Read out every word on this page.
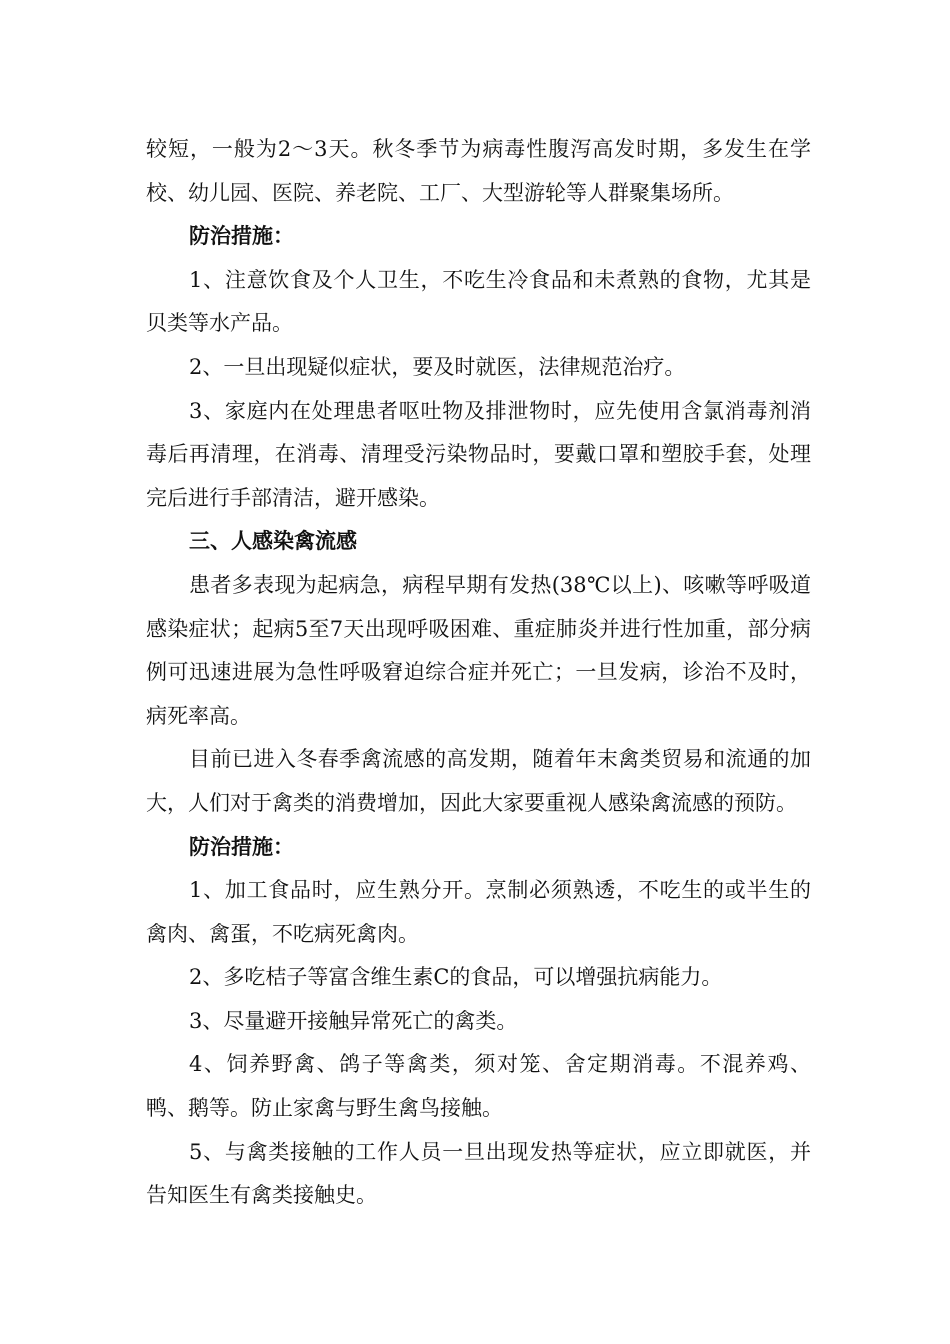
较短，一般为2～3天。秋冬季节为病毒性腹泻高发时期，多发生在学校、幼儿园、医院、养老院、工厂、大型游轮等人群聚集场所。

防治措施：

1、注意饮食及个人卫生，不吃生冷食品和未煮熟的食物，尤其是贝类等水产品。

2、一旦出现疑似症状，要及时就医，法律规范治疗。

3、家庭内在处理患者呕吐物及排泄物时，应先使用含氯消毒剂消毒后再清理，在消毒、清理受污染物品时，要戴口罩和塑胶手套，处理完后进行手部清洁，避开感染。

三、人感染禽流感

患者多表现为起病急，病程早期有发热(38℃以上)、咳嗽等呼吸道感染症状；起病5至7天出现呼吸困难、重症肺炎并进行性加重，部分病例可迅速进展为急性呼吸窘迫综合症并死亡；一旦发病，诊治不及时，病死率高。

目前已进入冬春季禽流感的高发期，随着年末禽类贸易和流通的加大，人们对于禽类的消费增加，因此大家要重视人感染禽流感的预防。

防治措施：

1、加工食品时，应生熟分开。烹制必须熟透，不吃生的或半生的禽肉、禽蛋，不吃病死禽肉。

2、多吃桔子等富含维生素C的食品，可以增强抗病能力。

3、尽量避开接触异常死亡的禽类。

4、饲养野禽、鸽子等禽类，须对笼、舍定期消毒。不混养鸡、鸭、鹅等。防止家禽与野生禽鸟接触。

5、与禽类接触的工作人员一旦出现发热等症状，应立即就医，并告知医生有禽类接触史。
